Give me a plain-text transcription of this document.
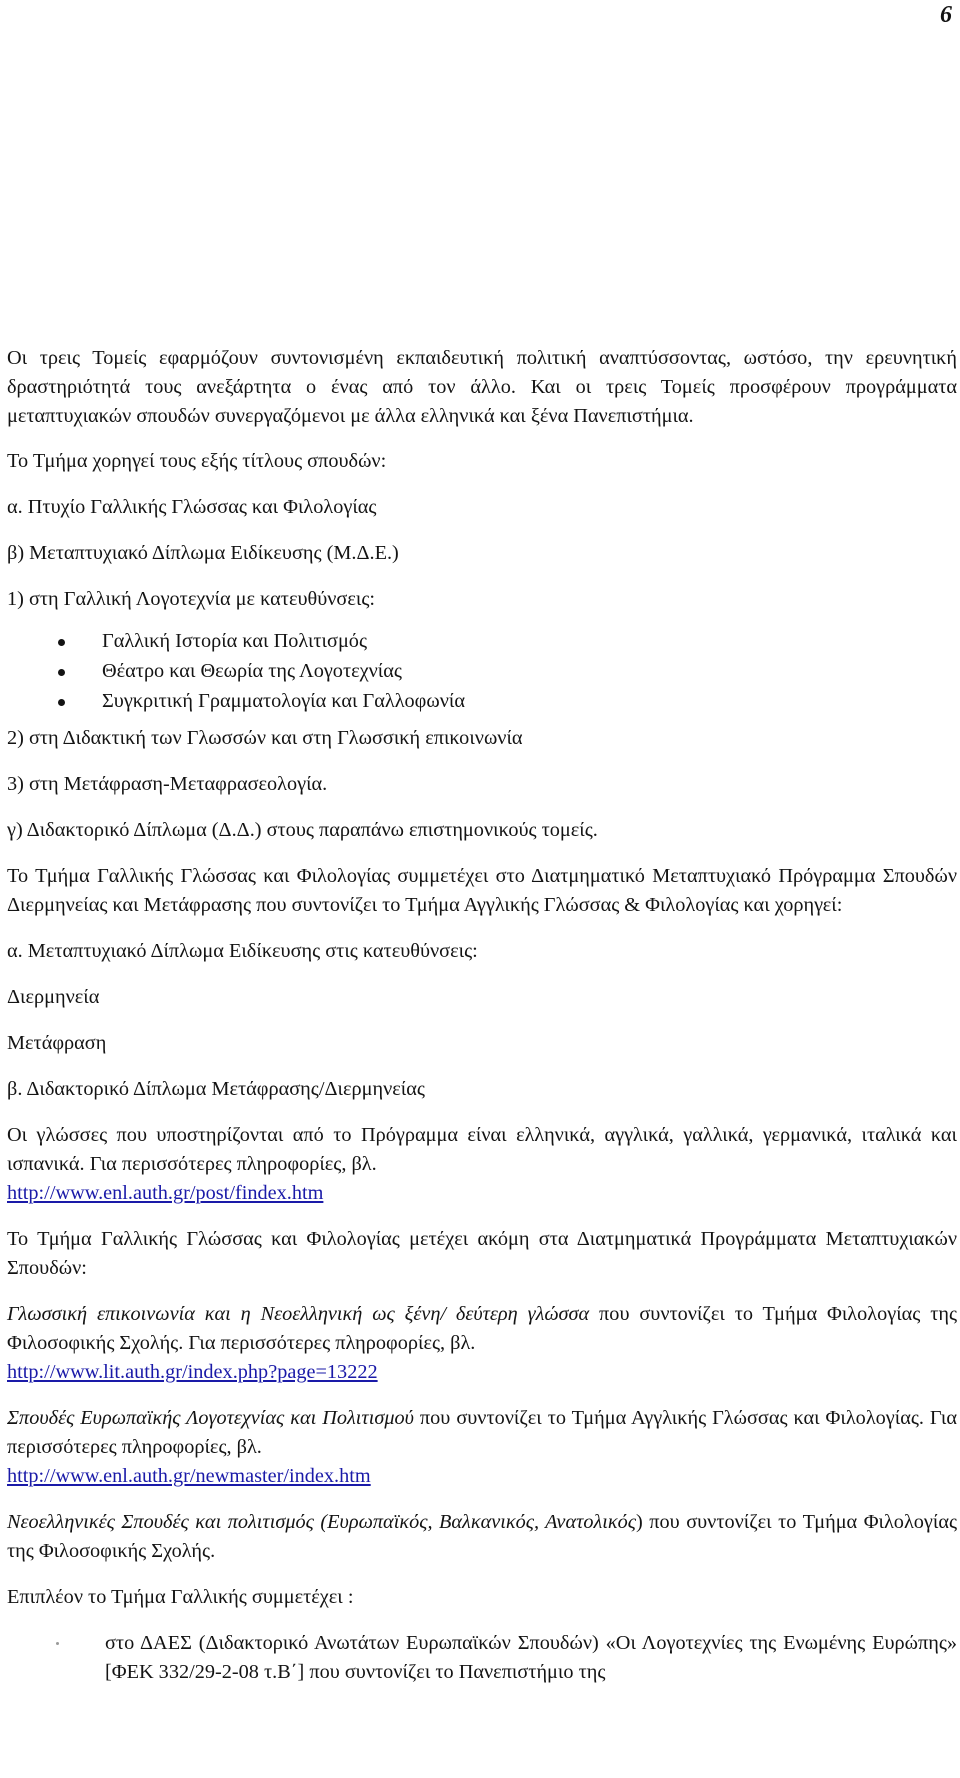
6

Οι τρεις Τομείς εφαρμόζουν συντονισμένη εκπαιδευτική πολιτική αναπτύσσοντας, ωστόσο, την ερευνητική δραστηριότητά τους ανεξάρτητα ο ένας από τον άλλο. Και οι τρεις Τομείς προσφέρουν προγράμματα μεταπτυχιακών σπουδών συνεργαζόμενοι με άλλα ελληνικά και ξένα Πανεπιστήμια.

Το Τμήμα χορηγεί τους εξής τίτλους σπουδών:

α. Πτυχίο Γαλλικής Γλώσσας και Φιλολογίας

β) Μεταπτυχιακό Δίπλωμα Ειδίκευσης (Μ.Δ.Ε.)

1) στη Γαλλική Λογοτεχνία με κατευθύνσεις:

Γαλλική Ιστορία και Πολιτισμός
Θέατρο και Θεωρία της Λογοτεχνίας
Συγκριτική Γραμματολογία και Γαλλοφωνία

2) στη Διδακτική των Γλωσσών και στη Γλωσσική επικοινωνία

3) στη Μετάφραση-Μεταφρασεολογία.

γ) Διδακτορικό Δίπλωμα (Δ.Δ.) στους παραπάνω επιστημονικούς τομείς.

Το Τμήμα Γαλλικής Γλώσσας και Φιλολογίας συμμετέχει στο Διατμηματικό Μεταπτυχιακό Πρόγραμμα Σπουδών Διερμηνείας και Μετάφρασης που συντονίζει το Τμήμα Αγγλικής Γλώσσας & Φιλολογίας και χορηγεί:

α. Μεταπτυχιακό Δίπλωμα Ειδίκευσης στις κατευθύνσεις:

Διερμηνεία

Μετάφραση

β. Διδακτορικό Δίπλωμα Μετάφρασης/Διερμηνείας

Οι γλώσσες που υποστηρίζονται από το Πρόγραμμα είναι ελληνικά, αγγλικά, γαλλικά, γερμανικά, ιταλικά και ισπανικά. Για περισσότερες πληροφορίες, βλ.
http://www.enl.auth.gr/post/findex.htm

Το Τμήμα Γαλλικής Γλώσσας και Φιλολογίας μετέχει ακόμη στα Διατμηματικά Προγράμματα Μεταπτυχιακών Σπουδών:

Γλωσσική επικοινωνία και η Νεοελληνική ως ξένη/ δεύτερη γλώσσα που συντονίζει το Τμήμα Φιλολογίας της Φιλοσοφικής Σχολής. Για περισσότερες πληροφορίες, βλ.
http://www.lit.auth.gr/index.php?page=13222

Σπουδές Ευρωπαϊκής Λογοτεχνίας και Πολιτισμού που συντονίζει το Τμήμα Αγγλικής Γλώσσας και Φιλολογίας. Για περισσότερες πληροφορίες, βλ.
http://www.enl.auth.gr/newmaster/index.htm

Νεοελληνικές Σπουδές και πολιτισμός (Ευρωπαϊκός, Βαλκανικός, Ανατολικός) που συντονίζει το Τμήμα Φιλολογίας της Φιλοσοφικής Σχολής.

Επιπλέον το Τμήμα Γαλλικής συμμετέχει :

στο ΔΑΕΣ (Διδακτορικό Ανωτάτων Ευρωπαϊκών Σπουδών) «Οι Λογοτεχνίες της Ενωμένης Ευρώπης» [ΦΕΚ 332/29-2-08 τ.Β΄] που συντονίζει το Πανεπιστήμιο της
